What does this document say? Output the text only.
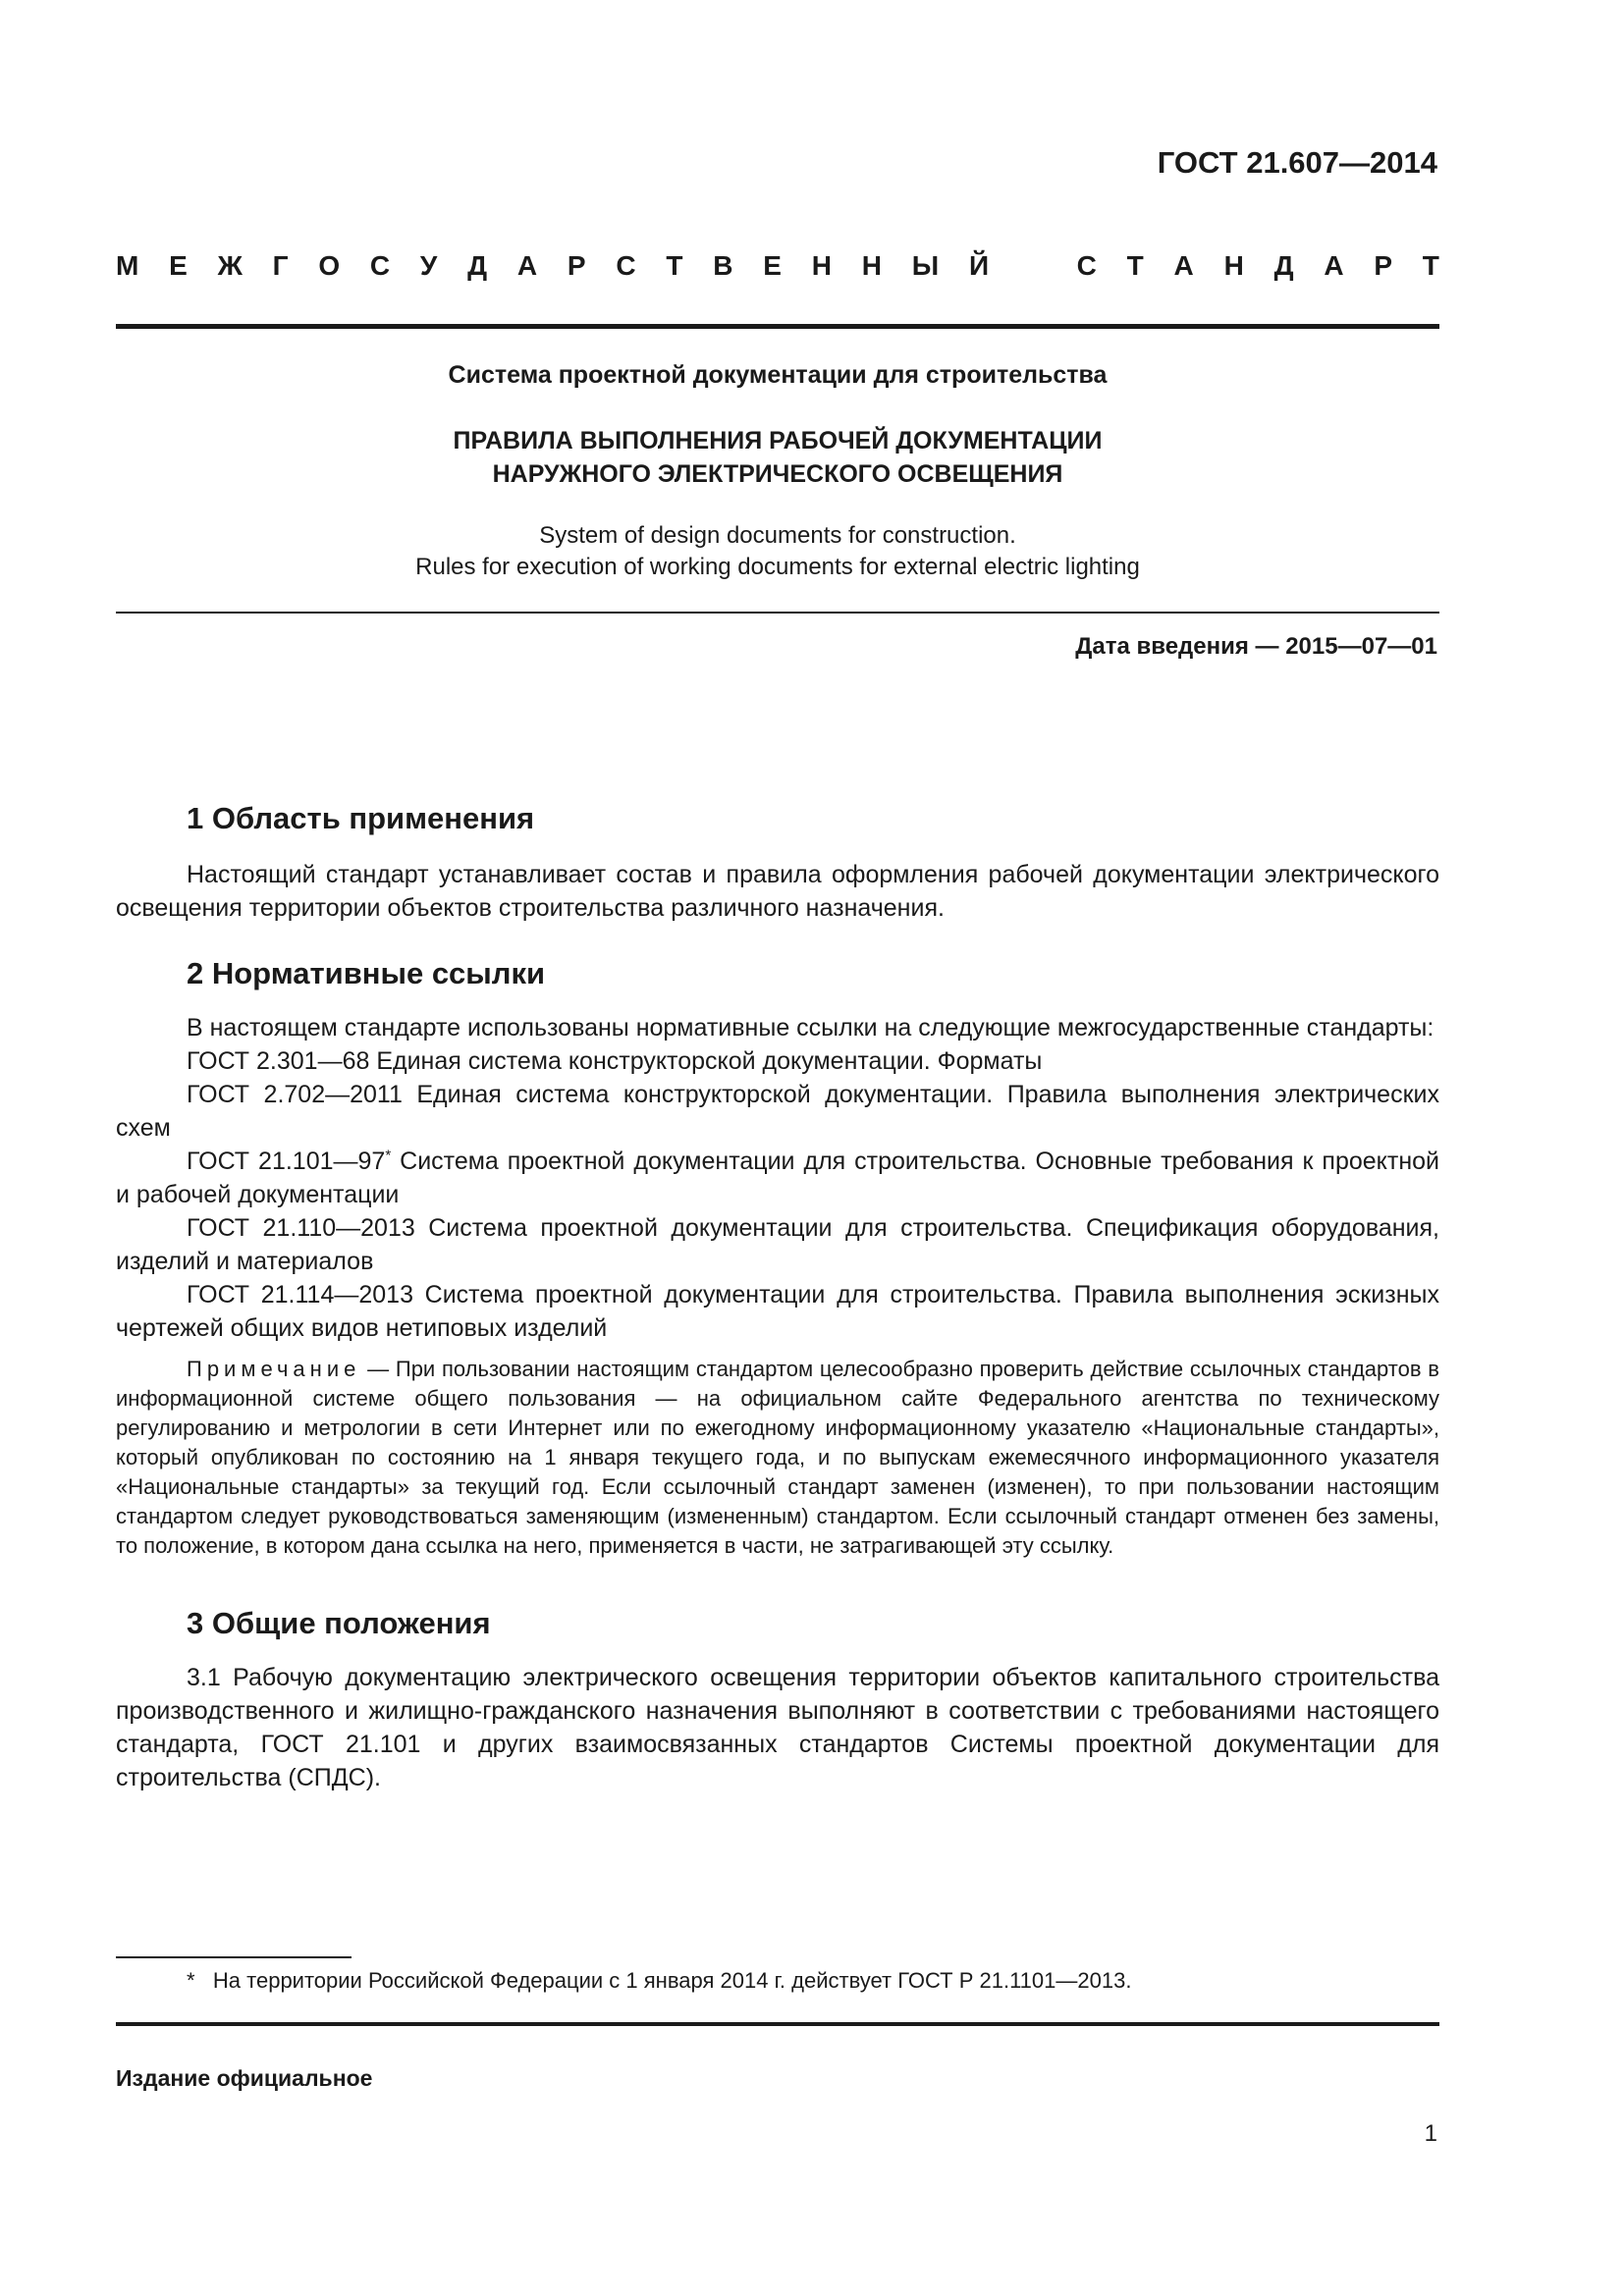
ГОСТ 21.607—2014
М Е Ж Г О С У Д А Р С Т В Е Н Н Ы Й	С Т А Н Д А Р Т
Система проектной документации для строительства
ПРАВИЛА ВЫПОЛНЕНИЯ РАБОЧЕЙ ДОКУМЕНТАЦИИ
НАРУЖНОГО ЭЛЕКТРИЧЕСКОГО ОСВЕЩЕНИЯ
System of design documents for construction.
Rules for execution of working documents for external electric lighting
Дата введения — 2015—07—01
1 Область применения

Настоящий стандарт устанавливает состав и правила оформления рабочей документации электрического освещения территории объектов строительства различного назначения.

2 Нормативные ссылки

В настоящем стандарте использованы нормативные ссылки на следующие межгосударственные стандарты:

ГОСТ 2.301—68 Единая система конструкторской документации. Форматы

ГОСТ 2.702—2011 Единая система конструкторской документации. Правила выполнения электрических схем

ГОСТ 21.101—97* Система проектной документации для строительства. Основные требования к проектной и рабочей документации

ГОСТ 21.110—2013 Система проектной документации для строительства. Спецификация оборудования, изделий и материалов

ГОСТ 21.114—2013 Система проектной документации для строительства. Правила выполнения эскизных чертежей общих видов нетиповых изделий

Примечание — При пользовании настоящим стандартом целесообразно проверить действие ссылочных стандартов в информационной системе общего пользования — на официальном сайте Федерального агентства по техническому регулированию и метрологии в сети Интернет или по ежегодному информационному указателю «Национальные стандарты», который опубликован по состоянию на 1 января текущего года, и по выпускам ежемесячного информационного указателя «Национальные стандарты» за текущий год. Если ссылочный стандарт заменен (изменен), то при пользовании настоящим стандартом следует руководствоваться заменяющим (измененным) стандартом. Если ссылочный стандарт отменен без замены, то положение, в котором дана ссылка на него, применяется в части, не затрагивающей эту ссылку.

3 Общие положения

3.1 Рабочую документацию электрического освещения территории объектов капитального строительства производственного и жилищно-гражданского назначения выполняют в соответствии с требованиями настоящего стандарта, ГОСТ 21.101 и других взаимосвязанных стандартов Системы проектной документации для строительства (СПДС).

* На территории Российской Федерации с 1 января 2014 г. действует ГОСТ Р 21.1101—2013.
Издание официальное
1
